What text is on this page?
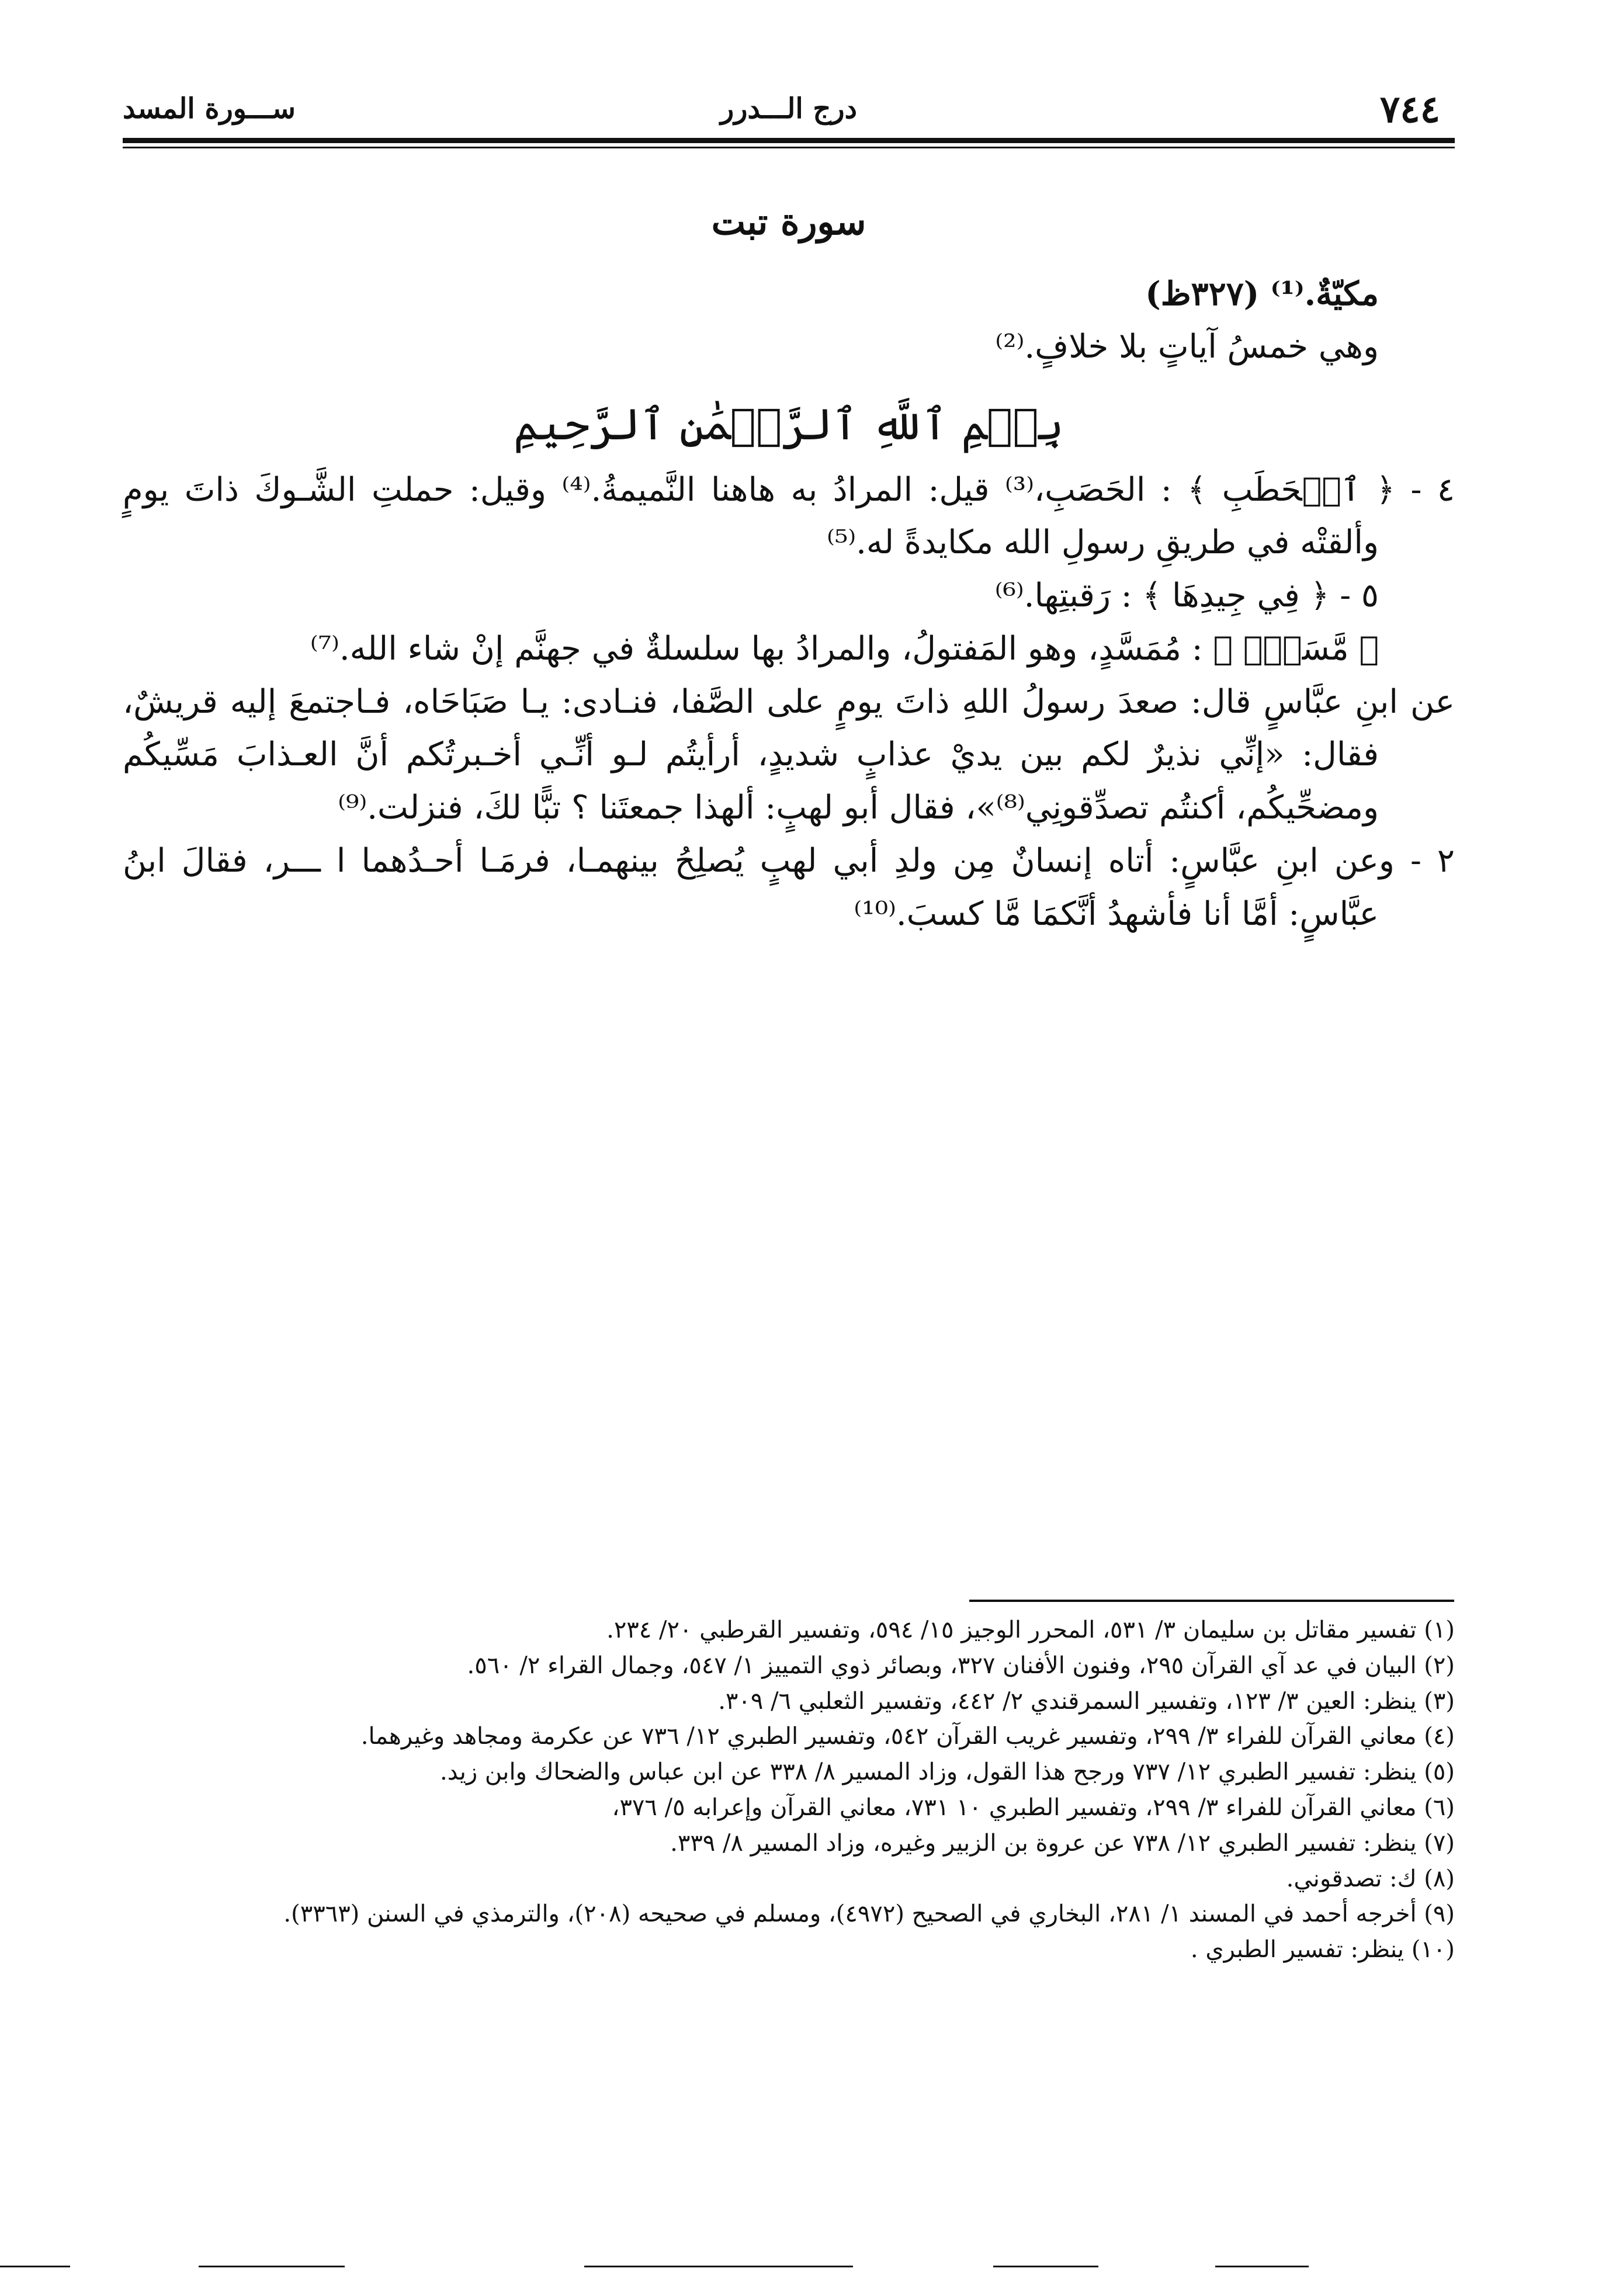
٧٤٤
درج الـــدرر
ســـورة المسد

سورة تبت

مكيّةٌ.⁽¹⁾ (٣٢٧ظ)

وهي خمسُ آياتٍ بلا خلافٍ.⁽²⁾

بِسۡمِ ٱللَّهِ ٱلرَّحۡمَٰنِ ٱلرَّحِيمِ

٤ - ﴿ ٱلۡحَطَبِ ﴾ : الحَصَبِ،⁽³⁾ قيل: المرادُ به هاهنا النَّميمةُ.⁽⁴⁾ وقيل: حملتِ الشَّـوكَ ذاتَ يومٍ وألقتْه في طريقِ رسولِ الله مكايدةً له.⁽⁵⁾

٥ - ﴿ فِي جِيدِهَا ﴾ : رَقبتِها.⁽⁶⁾

﴿ مَّسَدِۭ ﴾ : مُمَسَّدٍ، وهو المَفتولُ، والمرادُ بها سلسلةٌ في جهنَّم إنْ شاء الله.⁽⁷⁾

عن ابنِ عبَّاسٍ قال: صعدَ رسولُ اللهِ ذاتَ يومٍ على الصَّفا، فنـادى: يـا صَبَاحَاه، فـاجتمعَ إليه قريشٌ، فقال: «إنِّي نذيرٌ لكم بين يديْ عذابٍ شديدٍ، أرأيتُم لـو أنِّـي أخـبرتُكم أنَّ العـذابَ مَسِّيكُم ومضحِّيكُم، أكنتُم تصدِّقونِي⁽⁸⁾»، فقال أبو لهبٍ: ألهذا جمعتَنا ؟ تبًّا لكَ، فنزلت.⁽⁹⁾

٢ - وعن ابنِ عبَّاسٍ: أتاه إنسانٌ مِن ولدِ أبي لهبٍ يُصلِحُ بينهمـا، فرمَـا أحـدُهما ا ـــر، فقالَ ابنُ عبَّاسٍ: أمَّا أنا فأشهدُ أنَّكمَا مَّا كسبَ.⁽¹⁰⁾

(١) تفسير مقاتل بن سليمان ٣/ ٥٣١، المحرر الوجيز ١٥/ ٥٩٤، وتفسير القرطبي ٢٠/ ٢٣٤.

(٢) البيان في عد آي القرآن ٢٩٥، وفنون الأفنان ٣٢٧، وبصائر ذوي التمييز ١/ ٥٤٧، وجمال القراء ٢/ ٥٦٠.

(٣) ينظر: العين ٣/ ١٢٣، وتفسير السمرقندي ٢/ ٤٤٢، وتفسير الثعلبي ٦/ ٣٠٩.

(٤) معاني القرآن للفراء ٣/ ٢٩٩، وتفسير غريب القرآن ٥٤٢، وتفسير الطبري ١٢/ ٧٣٦ عن عكرمة ومجاهد وغيرهما.

(٥) ينظر: تفسير الطبري ١٢/ ٧٣٧ ورجح هذا القول، وزاد المسير ٨/ ٣٣٨ عن ابن عباس والضحاك وابن زيد.

(٦) معاني القرآن للفراء ٣/ ٢٩٩، وتفسير الطبري ١٠ ٧٣١، معاني القرآن وإعرابه ٥/ ٣٧٦،

(٧) ينظر: تفسير الطبري ١٢/ ٧٣٨ عن عروة بن الزبير وغيره، وزاد المسير ٨/ ٣٣٩.

(٨) ك: تصدقوني.

(٩) أخرجه أحمد في المسند ١/ ٢٨١، البخاري في الصحيح (٤٩٧٢)، ومسلم في صحيحه (٢٠٨)، والترمذي في السنن (٣٣٦٣).

(١٠) ينظر: تفسير الطبري .
